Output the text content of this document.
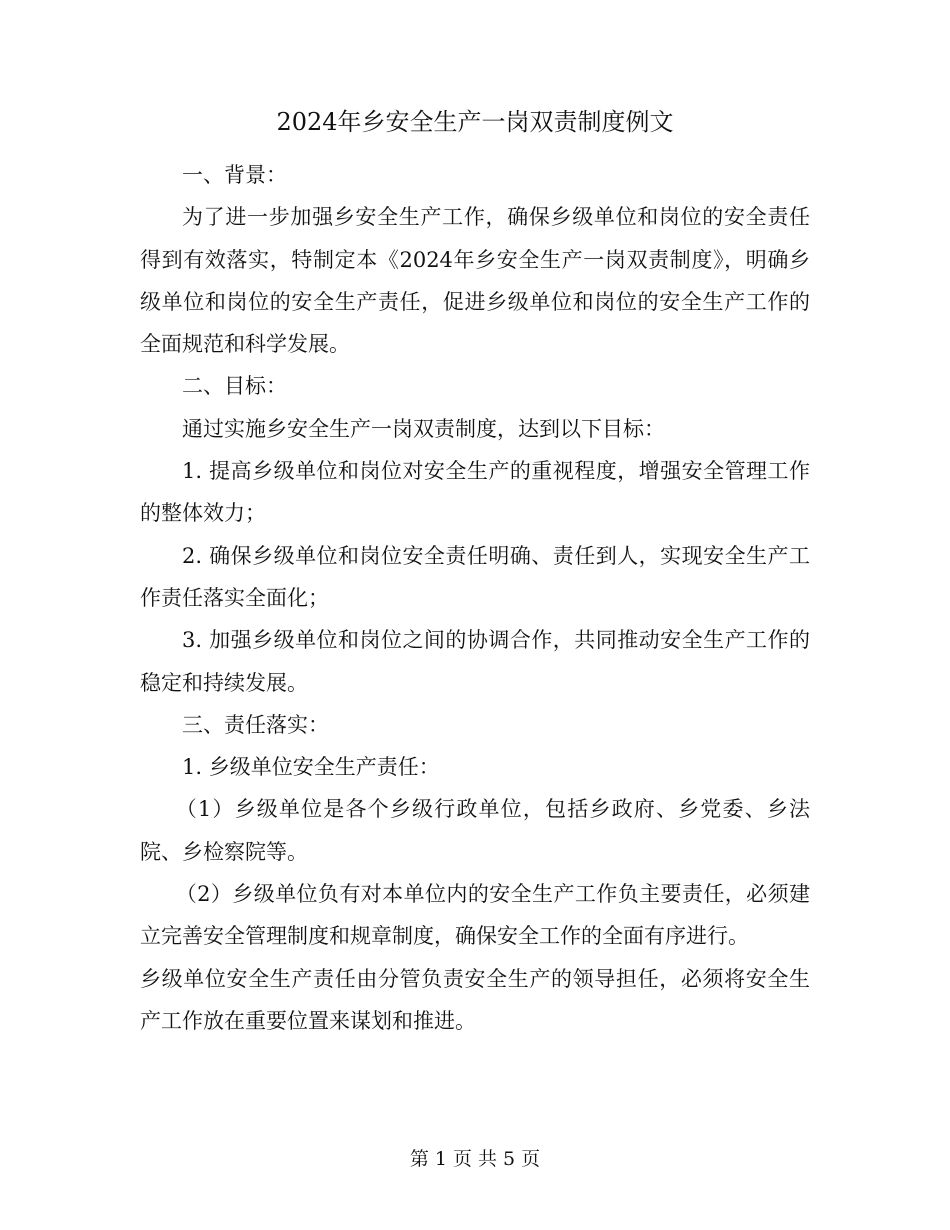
2024年乡安全生产一岗双责制度例文

一、背景：

为了进一步加强乡安全生产工作，确保乡级单位和岗位的安全责任得到有效落实，特制定本《2024年乡安全生产一岗双责制度》，明确乡级单位和岗位的安全生产责任，促进乡级单位和岗位的安全生产工作的全面规范和科学发展。

二、目标：

通过实施乡安全生产一岗双责制度，达到以下目标：

1. 提高乡级单位和岗位对安全生产的重视程度，增强安全管理工作的整体效力；

2. 确保乡级单位和岗位安全责任明确、责任到人，实现安全生产工作责任落实全面化；

3. 加强乡级单位和岗位之间的协调合作，共同推动安全生产工作的稳定和持续发展。

三、责任落实：

1. 乡级单位安全生产责任：

（1）乡级单位是各个乡级行政单位，包括乡政府、乡党委、乡法院、乡检察院等。

（2）乡级单位负有对本单位内的安全生产工作负主要责任，必须建立完善安全管理制度和规章制度，确保安全工作的全面有序进行。

乡级单位安全生产责任由分管负责安全生产的领导担任，必须将安全生产工作放在重要位置来谋划和推进。

第 1 页 共 5 页
